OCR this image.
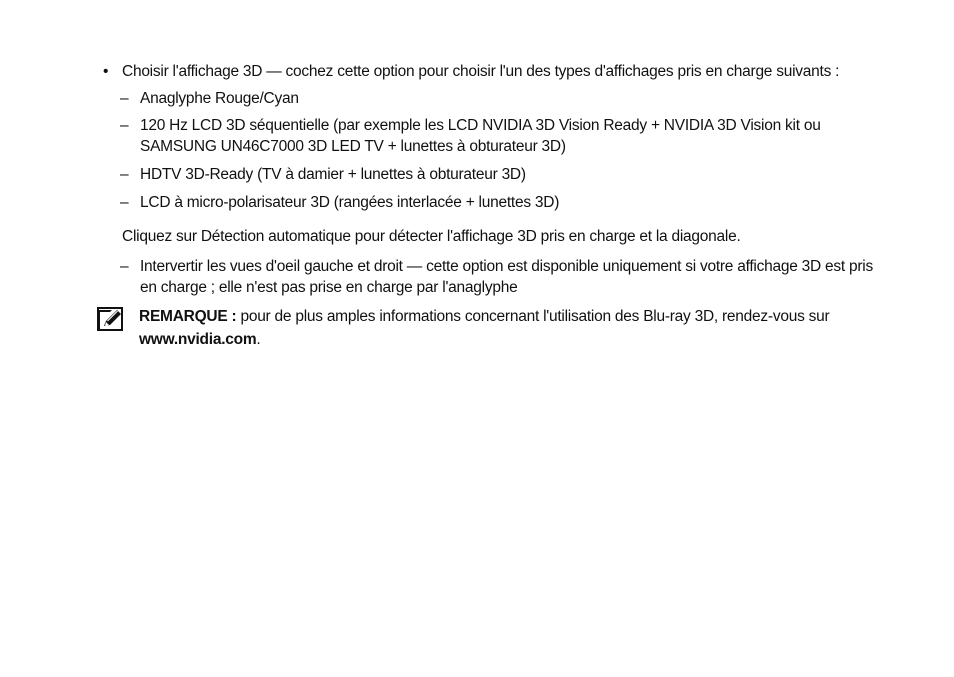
• Choisir l'affichage 3D — cochez cette option pour choisir l'un des types d'affichages pris en charge suivants :
– Anaglyphe Rouge/Cyan
– 120 Hz LCD 3D séquentielle (par exemple les LCD NVIDIA 3D Vision Ready + NVIDIA 3D Vision kit ou SAMSUNG UN46C7000 3D LED TV + lunettes à obturateur 3D)
– HDTV 3D-Ready (TV à damier + lunettes à obturateur 3D)
– LCD à micro-polarisateur 3D (rangées interlacée + lunettes 3D)
Cliquez sur Détection automatique pour détecter l'affichage 3D pris en charge et la diagonale.
– Intervertir les vues d'oeil gauche et droit — cette option est disponible uniquement si votre affichage 3D est pris en charge ; elle n'est pas prise en charge par l'anaglyphe
REMARQUE : pour de plus amples informations concernant l'utilisation des Blu-ray 3D, rendez-vous sur
www.nvidia.com.
